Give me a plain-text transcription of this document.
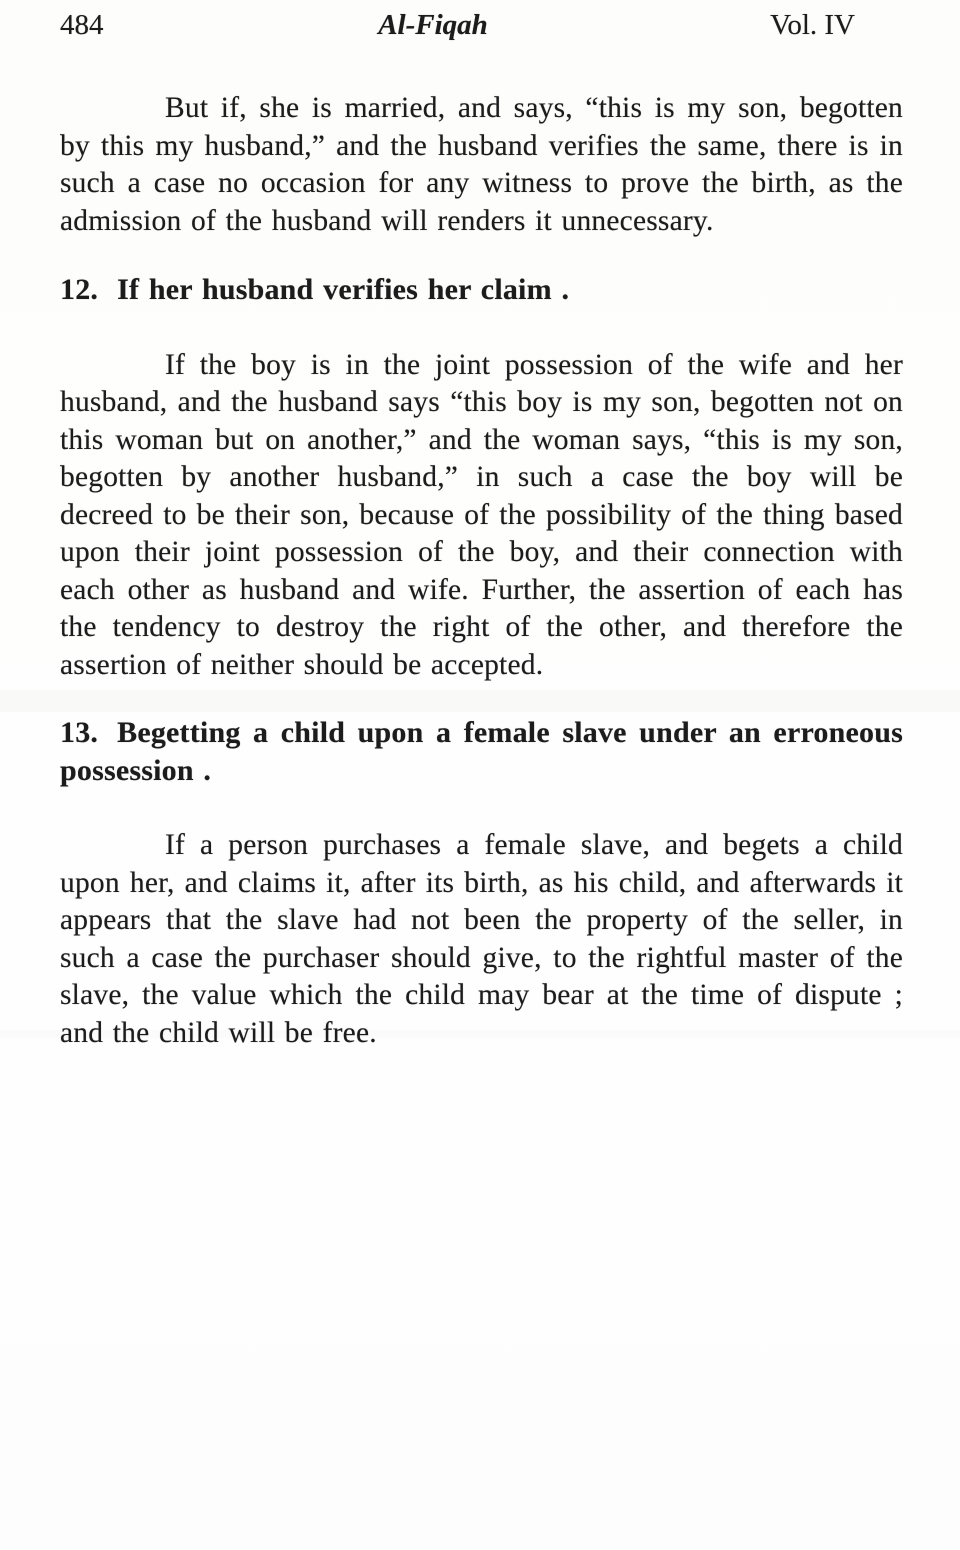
484	Al-Fiqah	Vol. IV

But if, she is married, and says, “this is my son, begotten by this my husband,” and the husband verifies the same, there is in such a case no occasion for any witness to prove the birth, as the admission of the husband will renders it unnecessary.

12. If her husband verifies her claim .

If the boy is in the joint possession of the wife and her husband, and the husband says “this boy is my son, begotten not on this woman but on another,” and the woman says, “this is my son, begotten by another husband,” in such a case the boy will be decreed to be their son, because of the possibility of the thing based upon their joint possession of the boy, and their connection with each other as husband and wife. Further, the assertion of each has the tendency to destroy the right of the other, and therefore the assertion of neither should be accepted.

13. Begetting a child upon a female slave under an erroneous possession .

If a person purchases a female slave, and begets a child upon her, and claims it, after its birth, as his child, and afterwards it appears that the slave had not been the property of the seller, in such a case the purchaser should give, to the rightful master of the slave, the value which the child may bear at the time of dispute ; and the child will be free.
